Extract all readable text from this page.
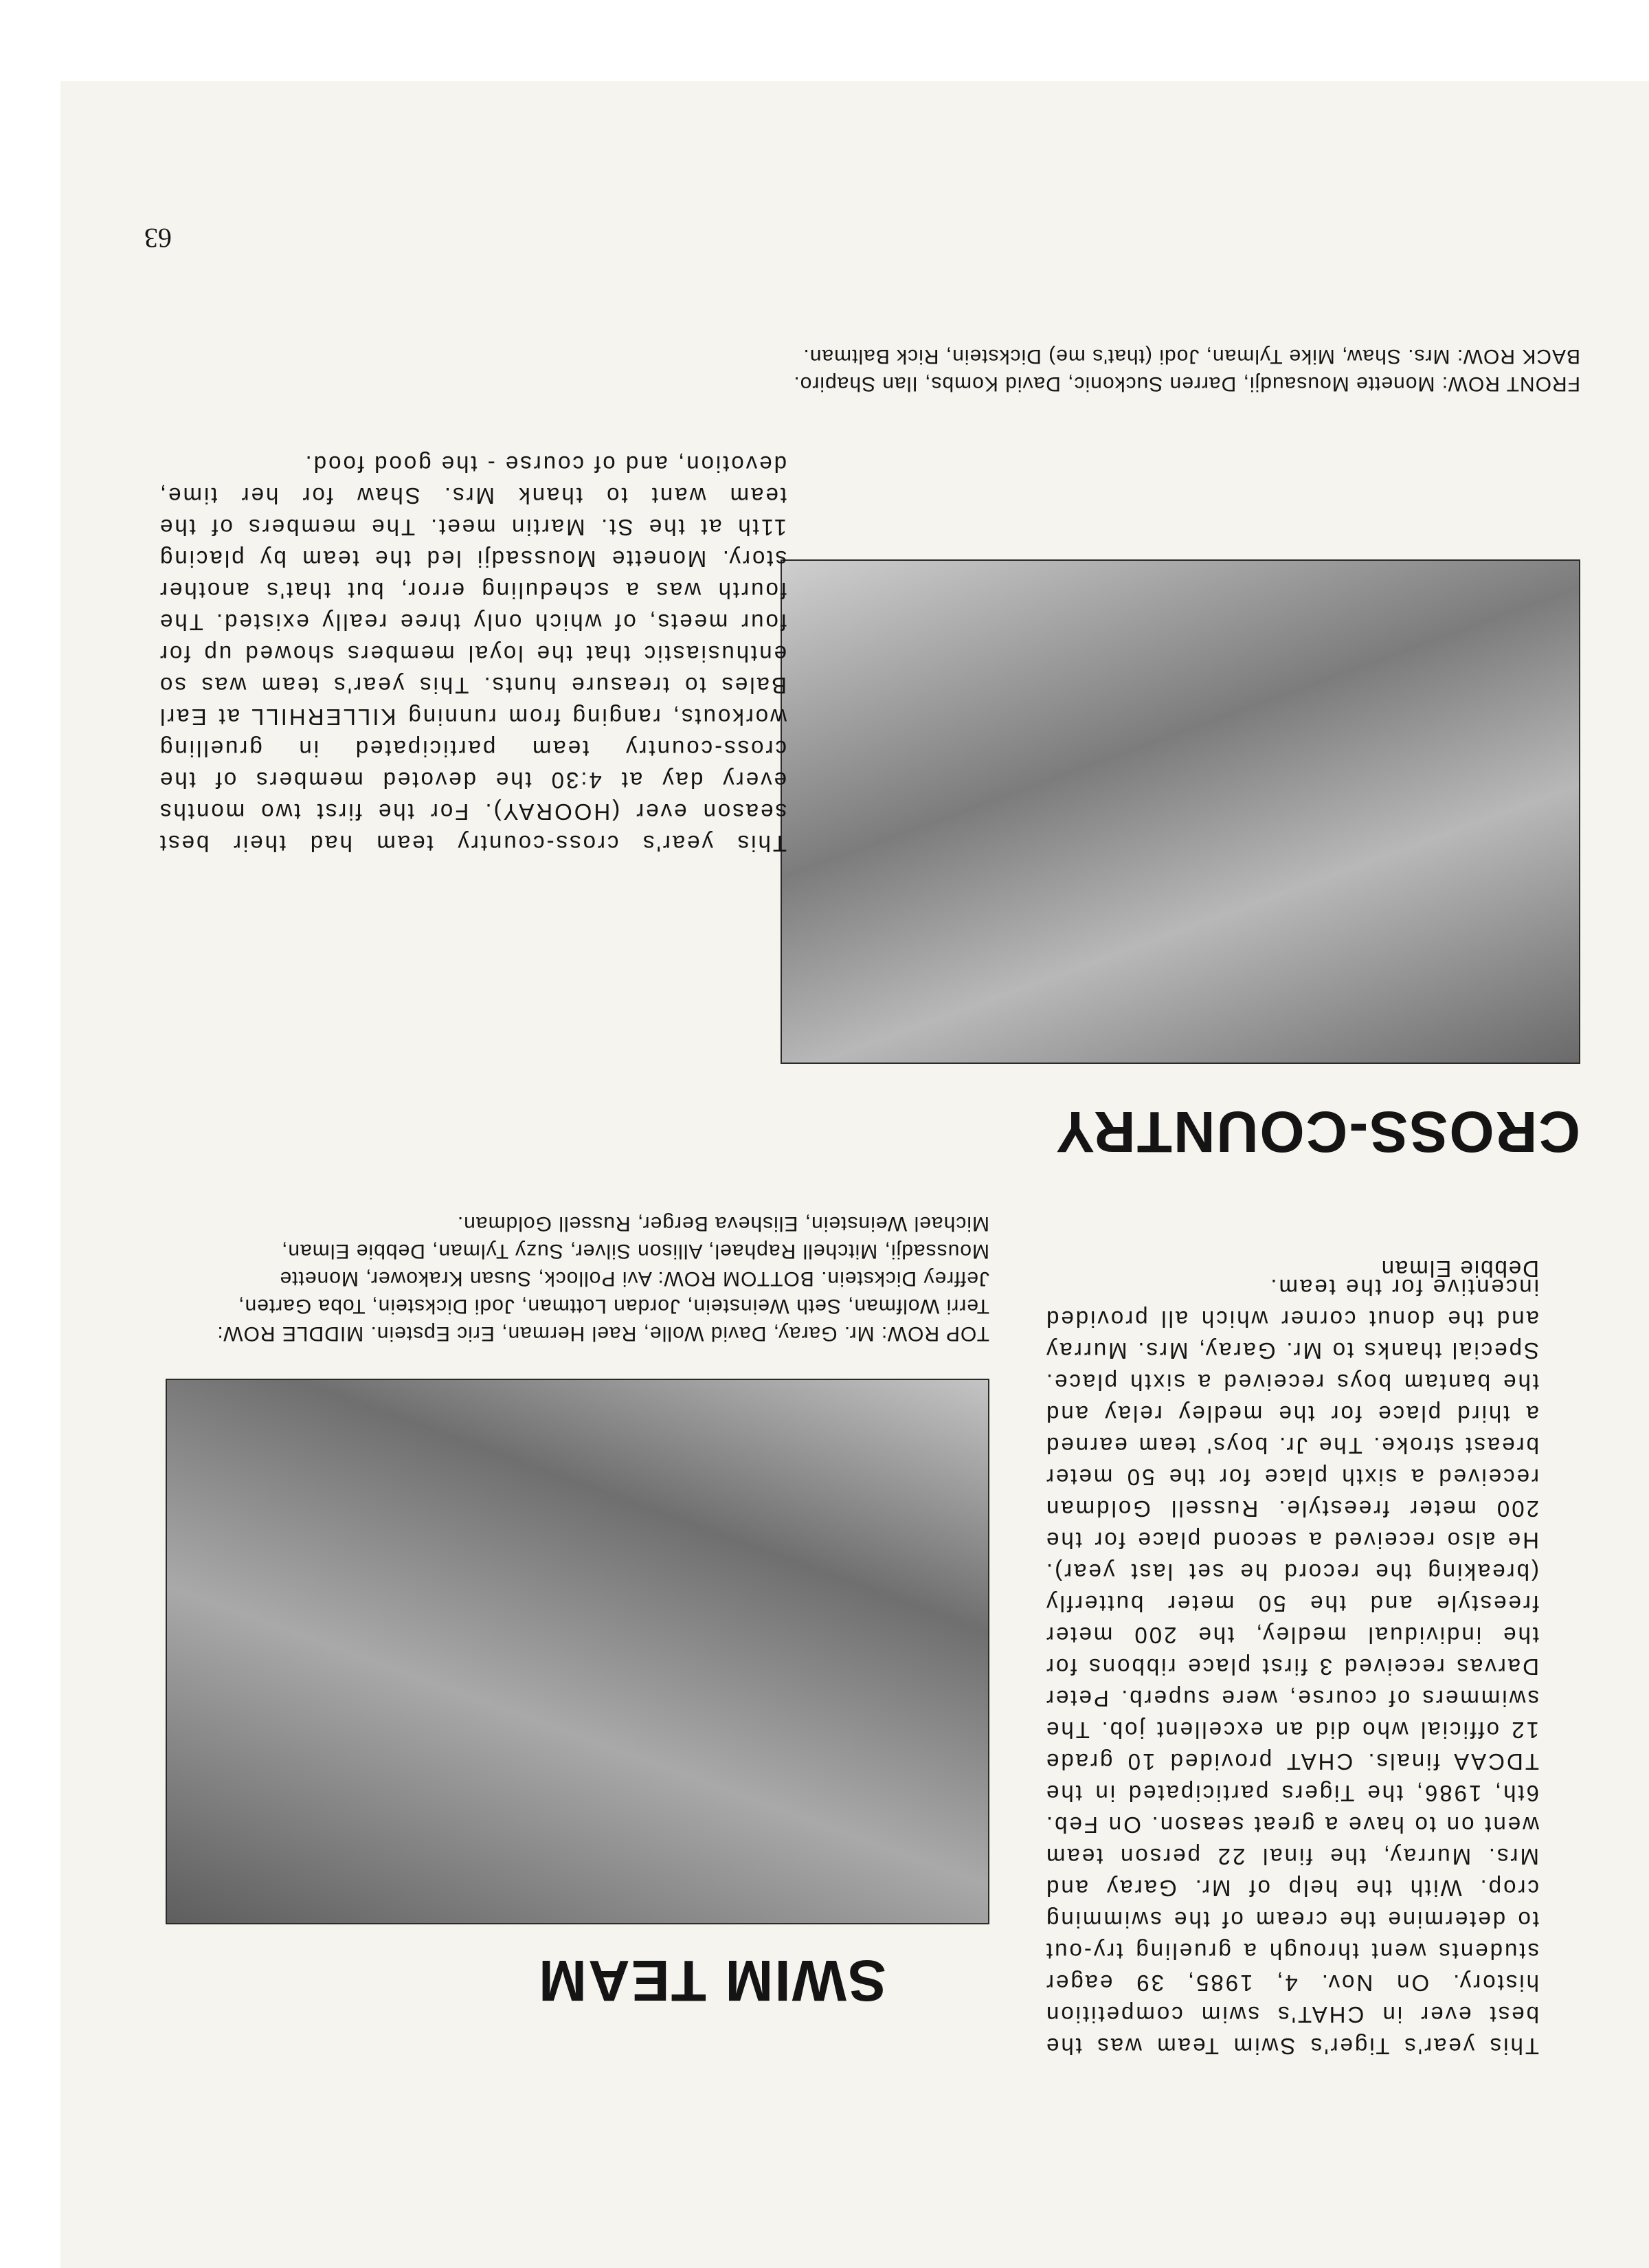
63
FRONT ROW: Monette Mousaudji, Darren Suckonic, David Kombs, Ilan Shapiro. BACK ROW: Mrs. Shaw, Mike Tylman, Jodi (that's me) Dickstein, Rick Baltman.
CROSS-COUNTRY
This year's cross-country team had their best season ever (HOORAY). For the first two months every day at 4:30 the devoted members of the cross-country team participated in gruelling workouts, ranging from running KILLERHILL at Earl Bales to treasure hunts. This year's team was so enthusiastic that the loyal members showed up for four meets, of which only three really existed. The fourth was a scheduling error, but that's another story. Monette Moussadji led the team by placing 11th at the St. Martin meet. The members of the team want to thank Mrs. Shaw for her time, devotion, and of course - the good food.
TOP ROW: Mr. Garay, David Wolle, Rael Herman, Eric Epstein. MIDDLE ROW: Terri Wolfman, Seth Weinstein, Jordan Lottman, Jodi Dickstein, Toba Garten, Jeffrey Dickstein. BOTTOM ROW: Avi Pollock, Susan Krakower, Monette Moussadji, Mitchell Raphael, Allison Silver, Suzy Tylman, Debbie Elman, Michael Weinstein, Elisheva Berger, Russell Goldman.
SWIM TEAM
This year's Tiger's Swim Team was the best ever in CHAT's swim competition history. On Nov. 4, 1985, 39 eager students went through a grueling try-out to determine the cream of the swimming crop. With the help of Mr. Garay and Mrs. Murray, the final 22 person team went on to have a great season. On Feb. 6th, 1986, the Tigers participated in the TDCAA finals. CHAT provided 10 grade 12 official who did an excellent job. The swimmers of course, were superb. Peter Darvas received 3 first place ribbons for the individual medley, the 200 meter freestyle and the 50 meter butterfly (breaking the record he set last year). He also received a second place for the 200 meter freestyle. Russell Goldman received a sixth place for the 50 meter breast stroke. The Jr. boys' team earned a third place for the medley relay and the bantam boys received a sixth place. Special thanks to Mr. Garay, Mrs. Murray and the donut corner which all provided incentive for the team.
Debbie Elman
